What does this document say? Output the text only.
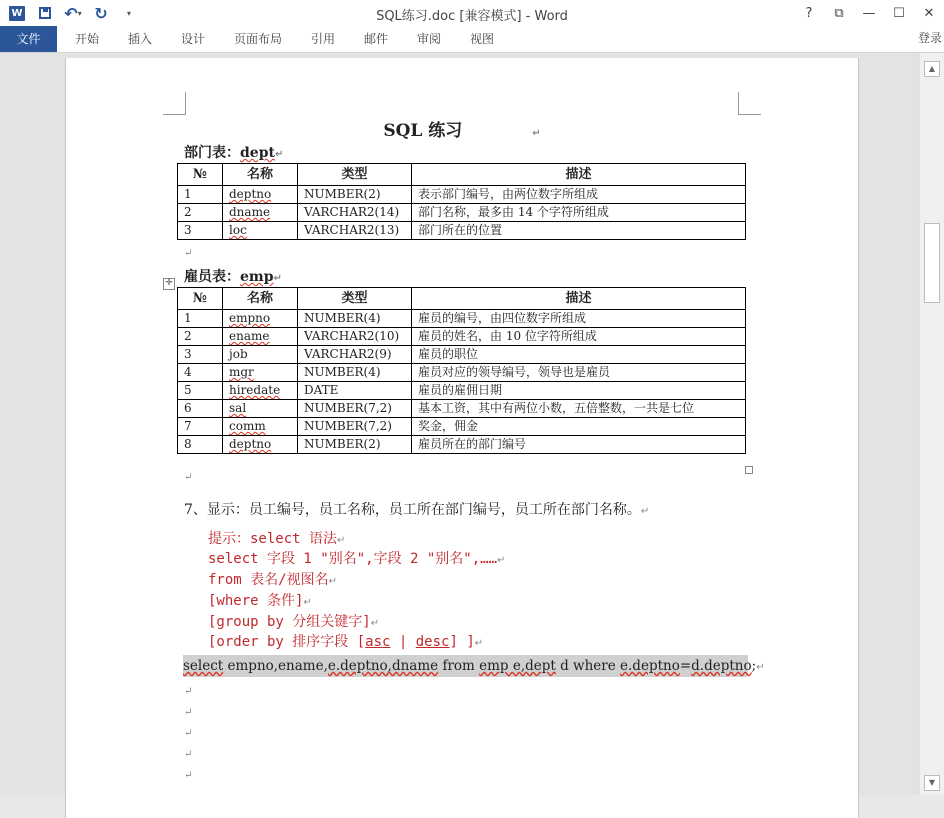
W	↶ ▾ ↻ ▾	SQL练习.doc [兼容模式] - Word	?	⧉	—	☐	✕
文件	开始 插入 设计 页面布局 引用 邮件 审阅 视图	登录
SQL 练习	↵
部门表：dept↵
№	名称	类型	描述
1	deptno	NUMBER(2)	表示部门编号，由两位数字所组成
2	dname	VARCHAR2(14)	部门名称，最多由 14 个字符所组成
3	loc	VARCHAR2(13)	部门所在的位置
↵
✛ 雇员表：emp↵
№	名称	类型	描述
1	empno	NUMBER(4)	雇员的编号，由四位数字所组成
2	ename	VARCHAR2(10)	雇员的姓名，由 10 位字符所组成
3	job	VARCHAR2(9)	雇员的职位
4	mgr	NUMBER(4)	雇员对应的领导编号，领导也是雇员
5	hiredate	DATE	雇员的雇佣日期
6	sal	NUMBER(7,2)	基本工资，其中有两位小数，五倍整数，一共是七位
7	comm	NUMBER(7,2)	奖金，佣金
8	deptno	NUMBER(2)	雇员所在的部门编号
↵
7、显示：员工编号，员工名称，员工所在部门编号，员工所在部门名称。↵
提示：select 语法↵
select 字段 1 "别名",字段 2 "别名",……↵
from 表名/视图名↵
[where 条件]↵
[group by 分组关键字]↵
[order by 排序字段 [asc | desc] ]↵
select empno,ename,e.deptno,dname from emp e,dept d where e.deptno=d.deptno;↵
↵
↵
↵
↵
↵
▲
▼
